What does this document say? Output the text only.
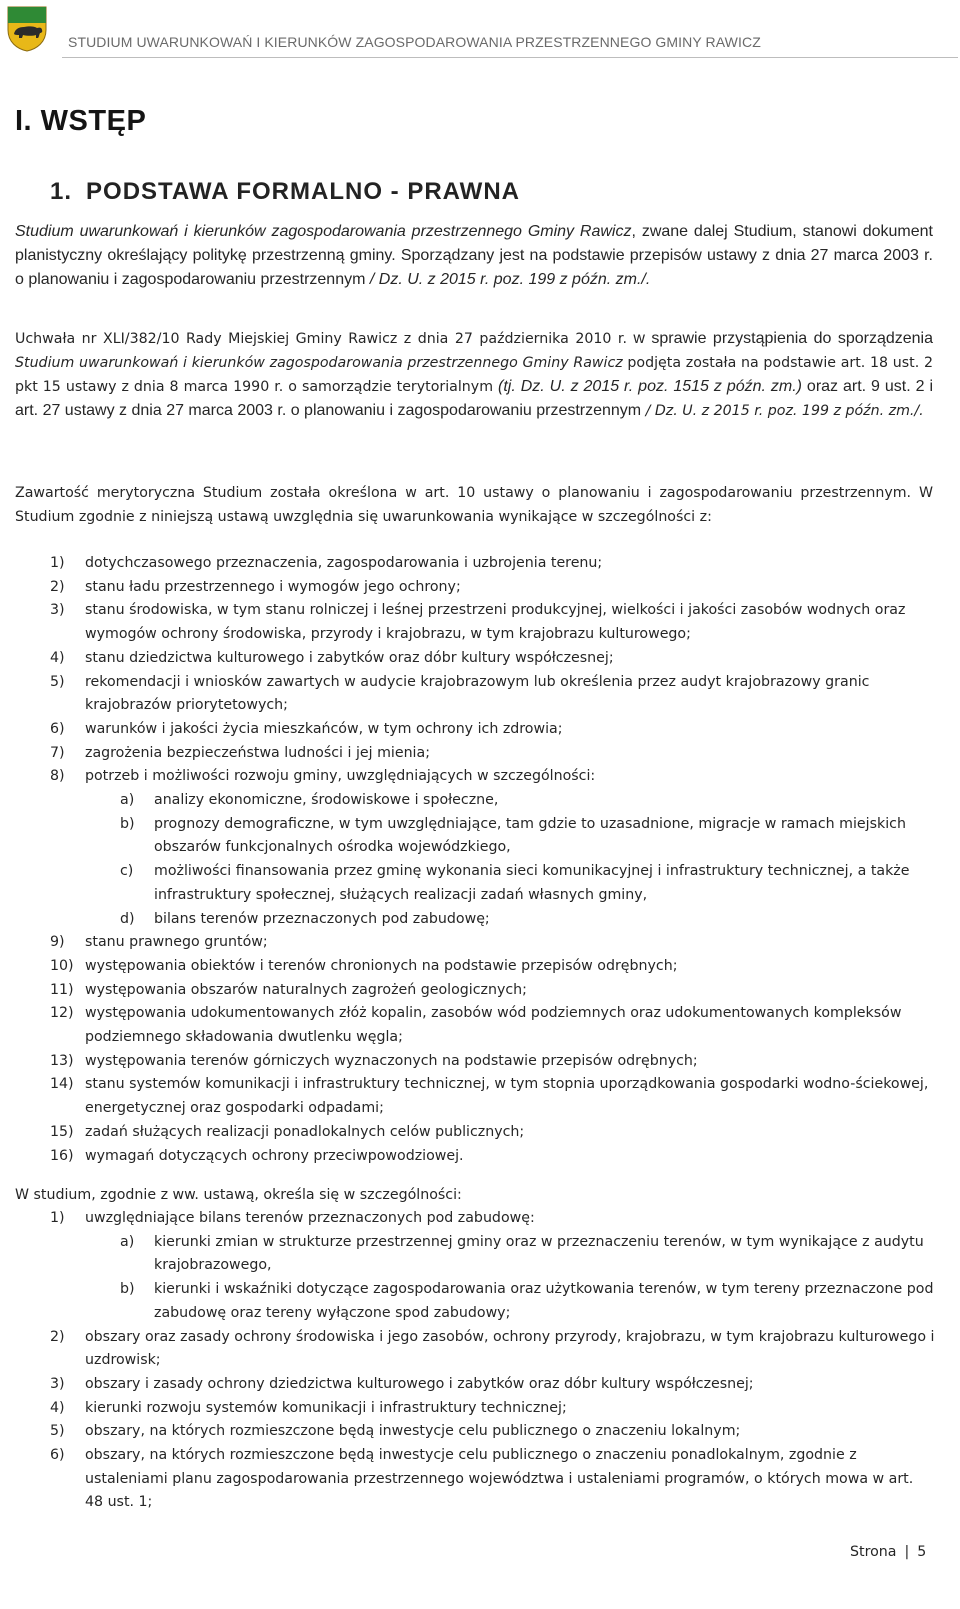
STUDIUM UWARUNKOWAŃ I KIERUNKÓW ZAGOSPODAROWANIA PRZESTRZENNEGO GMINY RAWICZ
I. WSTĘP
1. PODSTAWA FORMALNO - PRAWNA

Studium uwarunkowań i kierunków zagospodarowania przestrzennego Gminy Rawicz, zwane dalej Studium, stanowi dokument planistyczny określający politykę przestrzenną gminy. Sporządzany jest na podstawie przepisów ustawy z dnia 27 marca 2003 r. o planowaniu i zagospodarowaniu przestrzennym / Dz. U. z 2015 r. poz. 199 z późn. zm./.

Uchwała nr XLI/382/10 Rady Miejskiej Gminy Rawicz z dnia 27 października 2010 r. w sprawie przystąpienia do sporządzenia Studium uwarunkowań i kierunków zagospodarowania przestrzennego Gminy Rawicz podjęta została na podstawie art. 18 ust. 2 pkt 15 ustawy z dnia 8 marca 1990 r. o samorządzie terytorialnym (tj. Dz. U. z 2015 r. poz. 1515 z późn. zm.) oraz art. 9 ust. 2 i art. 27 ustawy z dnia 27 marca 2003 r. o planowaniu i zagospodarowaniu przestrzennym / Dz. U. z 2015 r. poz. 199 z późn. zm./.

Zawartość merytoryczna Studium została określona w art. 10 ustawy o planowaniu i zagospodarowaniu przestrzennym. W Studium zgodnie z niniejszą ustawą uwzględnia się uwarunkowania wynikające w szczególności z:

1) dotychczasowego przeznaczenia, zagospodarowania i uzbrojenia terenu;
2) stanu ładu przestrzennego i wymogów jego ochrony;
3) stanu środowiska, w tym stanu rolniczej i leśnej przestrzeni produkcyjnej, wielkości i jakości zasobów wodnych oraz wymogów ochrony środowiska, przyrody i krajobrazu, w tym krajobrazu kulturowego;
4) stanu dziedzictwa kulturowego i zabytków oraz dóbr kultury współczesnej;
5) rekomendacji i wniosków zawartych w audycie krajobrazowym lub określenia przez audyt krajobrazowy granic krajobrazów priorytetowych;
6) warunków i jakości życia mieszkańców, w tym ochrony ich zdrowia;
7) zagrożenia bezpieczeństwa ludności i jej mienia;
8) potrzeb i możliwości rozwoju gminy, uwzględniających w szczególności:
a) analizy ekonomiczne, środowiskowe i społeczne,
b) prognozy demograficzne, w tym uwzględniające, tam gdzie to uzasadnione, migracje w ramach miejskich obszarów funkcjonalnych ośrodka wojewódzkiego,
c) możliwości finansowania przez gminę wykonania sieci komunikacyjnej i infrastruktury technicznej, a także infrastruktury społecznej, służących realizacji zadań własnych gminy,
d) bilans terenów przeznaczonych pod zabudowę;
9) stanu prawnego gruntów;
10) występowania obiektów i terenów chronionych na podstawie przepisów odrębnych;
11) występowania obszarów naturalnych zagrożeń geologicznych;
12) występowania udokumentowanych złóż kopalin, zasobów wód podziemnych oraz udokumentowanych kompleksów podziemnego składowania dwutlenku węgla;
13) występowania terenów górniczych wyznaczonych na podstawie przepisów odrębnych;
14) stanu systemów komunikacji i infrastruktury technicznej, w tym stopnia uporządkowania gospodarki wodno-ściekowej, energetycznej oraz gospodarki odpadami;
15) zadań służących realizacji ponadlokalnych celów publicznych;
16) wymagań dotyczących ochrony przeciwpowodziowej.
W studium, zgodnie z ww. ustawą, określa się w szczególności:
1) uwzględniające bilans terenów przeznaczonych pod zabudowę:
a) kierunki zmian w strukturze przestrzennej gminy oraz w przeznaczeniu terenów, w tym wynikające z audytu krajobrazowego,
b) kierunki i wskaźniki dotyczące zagospodarowania oraz użytkowania terenów, w tym tereny przeznaczone pod zabudowę oraz tereny wyłączone spod zabudowy;
2) obszary oraz zasady ochrony środowiska i jego zasobów, ochrony przyrody, krajobrazu, w tym krajobrazu kulturowego i uzdrowisk;
3) obszary i zasady ochrony dziedzictwa kulturowego i zabytków oraz dóbr kultury współczesnej;
4) kierunki rozwoju systemów komunikacji i infrastruktury technicznej;
5) obszary, na których rozmieszczone będą inwestycje celu publicznego o znaczeniu lokalnym;
6) obszary, na których rozmieszczone będą inwestycje celu publicznego o znaczeniu ponadlokalnym, zgodnie z ustaleniami planu zagospodarowania przestrzennego województwa i ustaleniami programów, o których mowa w art. 48 ust. 1;
Strona | 5
